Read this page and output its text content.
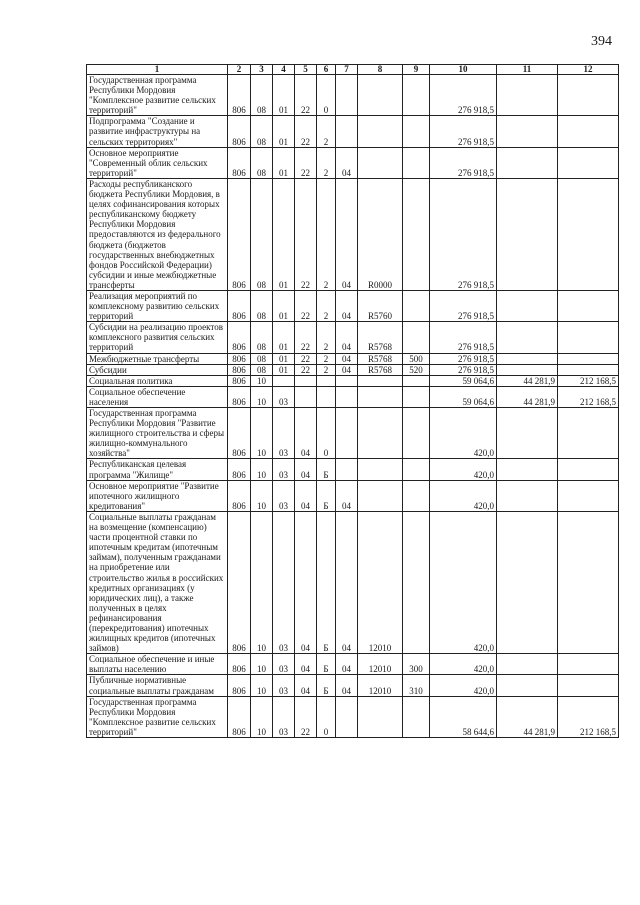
394
1	2	3	4	5	6	7	8	9	10	11	12
Государственная программа Республики Мордовия "Комплексное развитие сельских территорий"	806	08	01	22	0				276 918,5		
Подпрограмма "Создание и развитие инфраструктуры на сельских территориях"	806	08	01	22	2				276 918,5		
Основное мероприятие "Современный облик сельских территорий"	806	08	01	22	2	04			276 918,5		
Расходы республиканского бюджета Республики Мордовия, в целях софинансирования которых республиканскому бюджету Республики Мордовия предоставляются из федерального бюджета (бюджетов государственных внебюджетных фондов Российской Федерации) субсидии и иные межбюджетные трансферты	806	08	01	22	2	04	R0000		276 918,5		
Реализация мероприятий по комплексному развитию сельских территорий	806	08	01	22	2	04	R5760		276 918,5		
Субсидии на реализацию проектов комплексного развития сельских территорий	806	08	01	22	2	04	R5768		276 918,5		
Межбюджетные трансферты	806	08	01	22	2	04	R5768	500	276 918,5		
Субсидии	806	08	01	22	2	04	R5768	520	276 918,5		
Социальная политика	806	10							59 064,6	44 281,9	212 168,5
Социальное обеспечение населения	806	10	03						59 064,6	44 281,9	212 168,5
Государственная программа Республики Мордовия "Развитие жилищного строительства и сферы жилищно-коммунального хозяйства"	806	10	03	04	0				420,0		
Республиканская целевая программа "Жилище"	806	10	03	04	Б				420,0		
Основное мероприятие "Развитие ипотечного жилищного кредитования"	806	10	03	04	Б	04			420,0		
Социальные выплаты гражданам на возмещение (компенсацию) части процентной ставки по ипотечным кредитам (ипотечным займам), полученным гражданами на приобретение или строительство жилья в российских кредитных организациях (у юридических лиц), а также полученных в целях рефинансирования (перекредитования) ипотечных жилищных кредитов (ипотечных займов)	806	10	03	04	Б	04	12010		420,0		
Социальное обеспечение и иные выплаты населению	806	10	03	04	Б	04	12010	300	420,0		
Публичные нормативные социальные выплаты гражданам	806	10	03	04	Б	04	12010	310	420,0		
Государственная программа Республики Мордовия "Комплексное развитие сельских территорий"	806	10	03	22	0				58 644,6	44 281,9	212 168,5
